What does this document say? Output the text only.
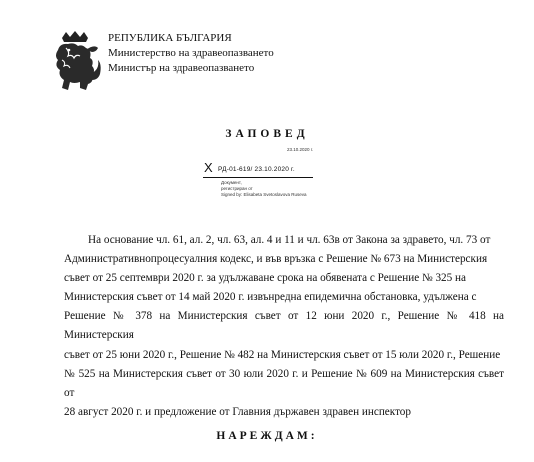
РЕПУБЛИКА БЪЛГАРИЯ
Министерство на здравеопазването
Министър на здравеопазването
ЗАПОВЕД
23.10.2020 г.
X РД-01-619/ 23.10.2020 г.
Документ,
регистриран от
Signed by: Elisabeta Svetoslavova Ruseva

На основание чл. 61, ал. 2, чл. 63, ал. 4 и 11 и чл. 63в от Закона за здравето, чл. 73 от

Административнопроцесуалния кодекс, и във връзка с Решение № 673 на Министерския

съвет от 25 септември 2020 г. за удължаване срока на обявената с Решение № 325 на

Министерския съвет от 14 май 2020 г. извънредна епидемична обстановка, удължена с

Решение № 378 на Министерския съвет от 12 юни 2020 г., Решение № 418 на Министерския

съвет от 25 юни 2020 г., Решение № 482 на Министерския съвет от 15 юли 2020 г., Решение

№ 525 на Министерския съвет от 30 юли 2020 г. и Решение № 609 на Министерския съвет от

28 август 2020 г. и предложение от Главния държавен здравен инспектор

НАРЕЖДАМ:
